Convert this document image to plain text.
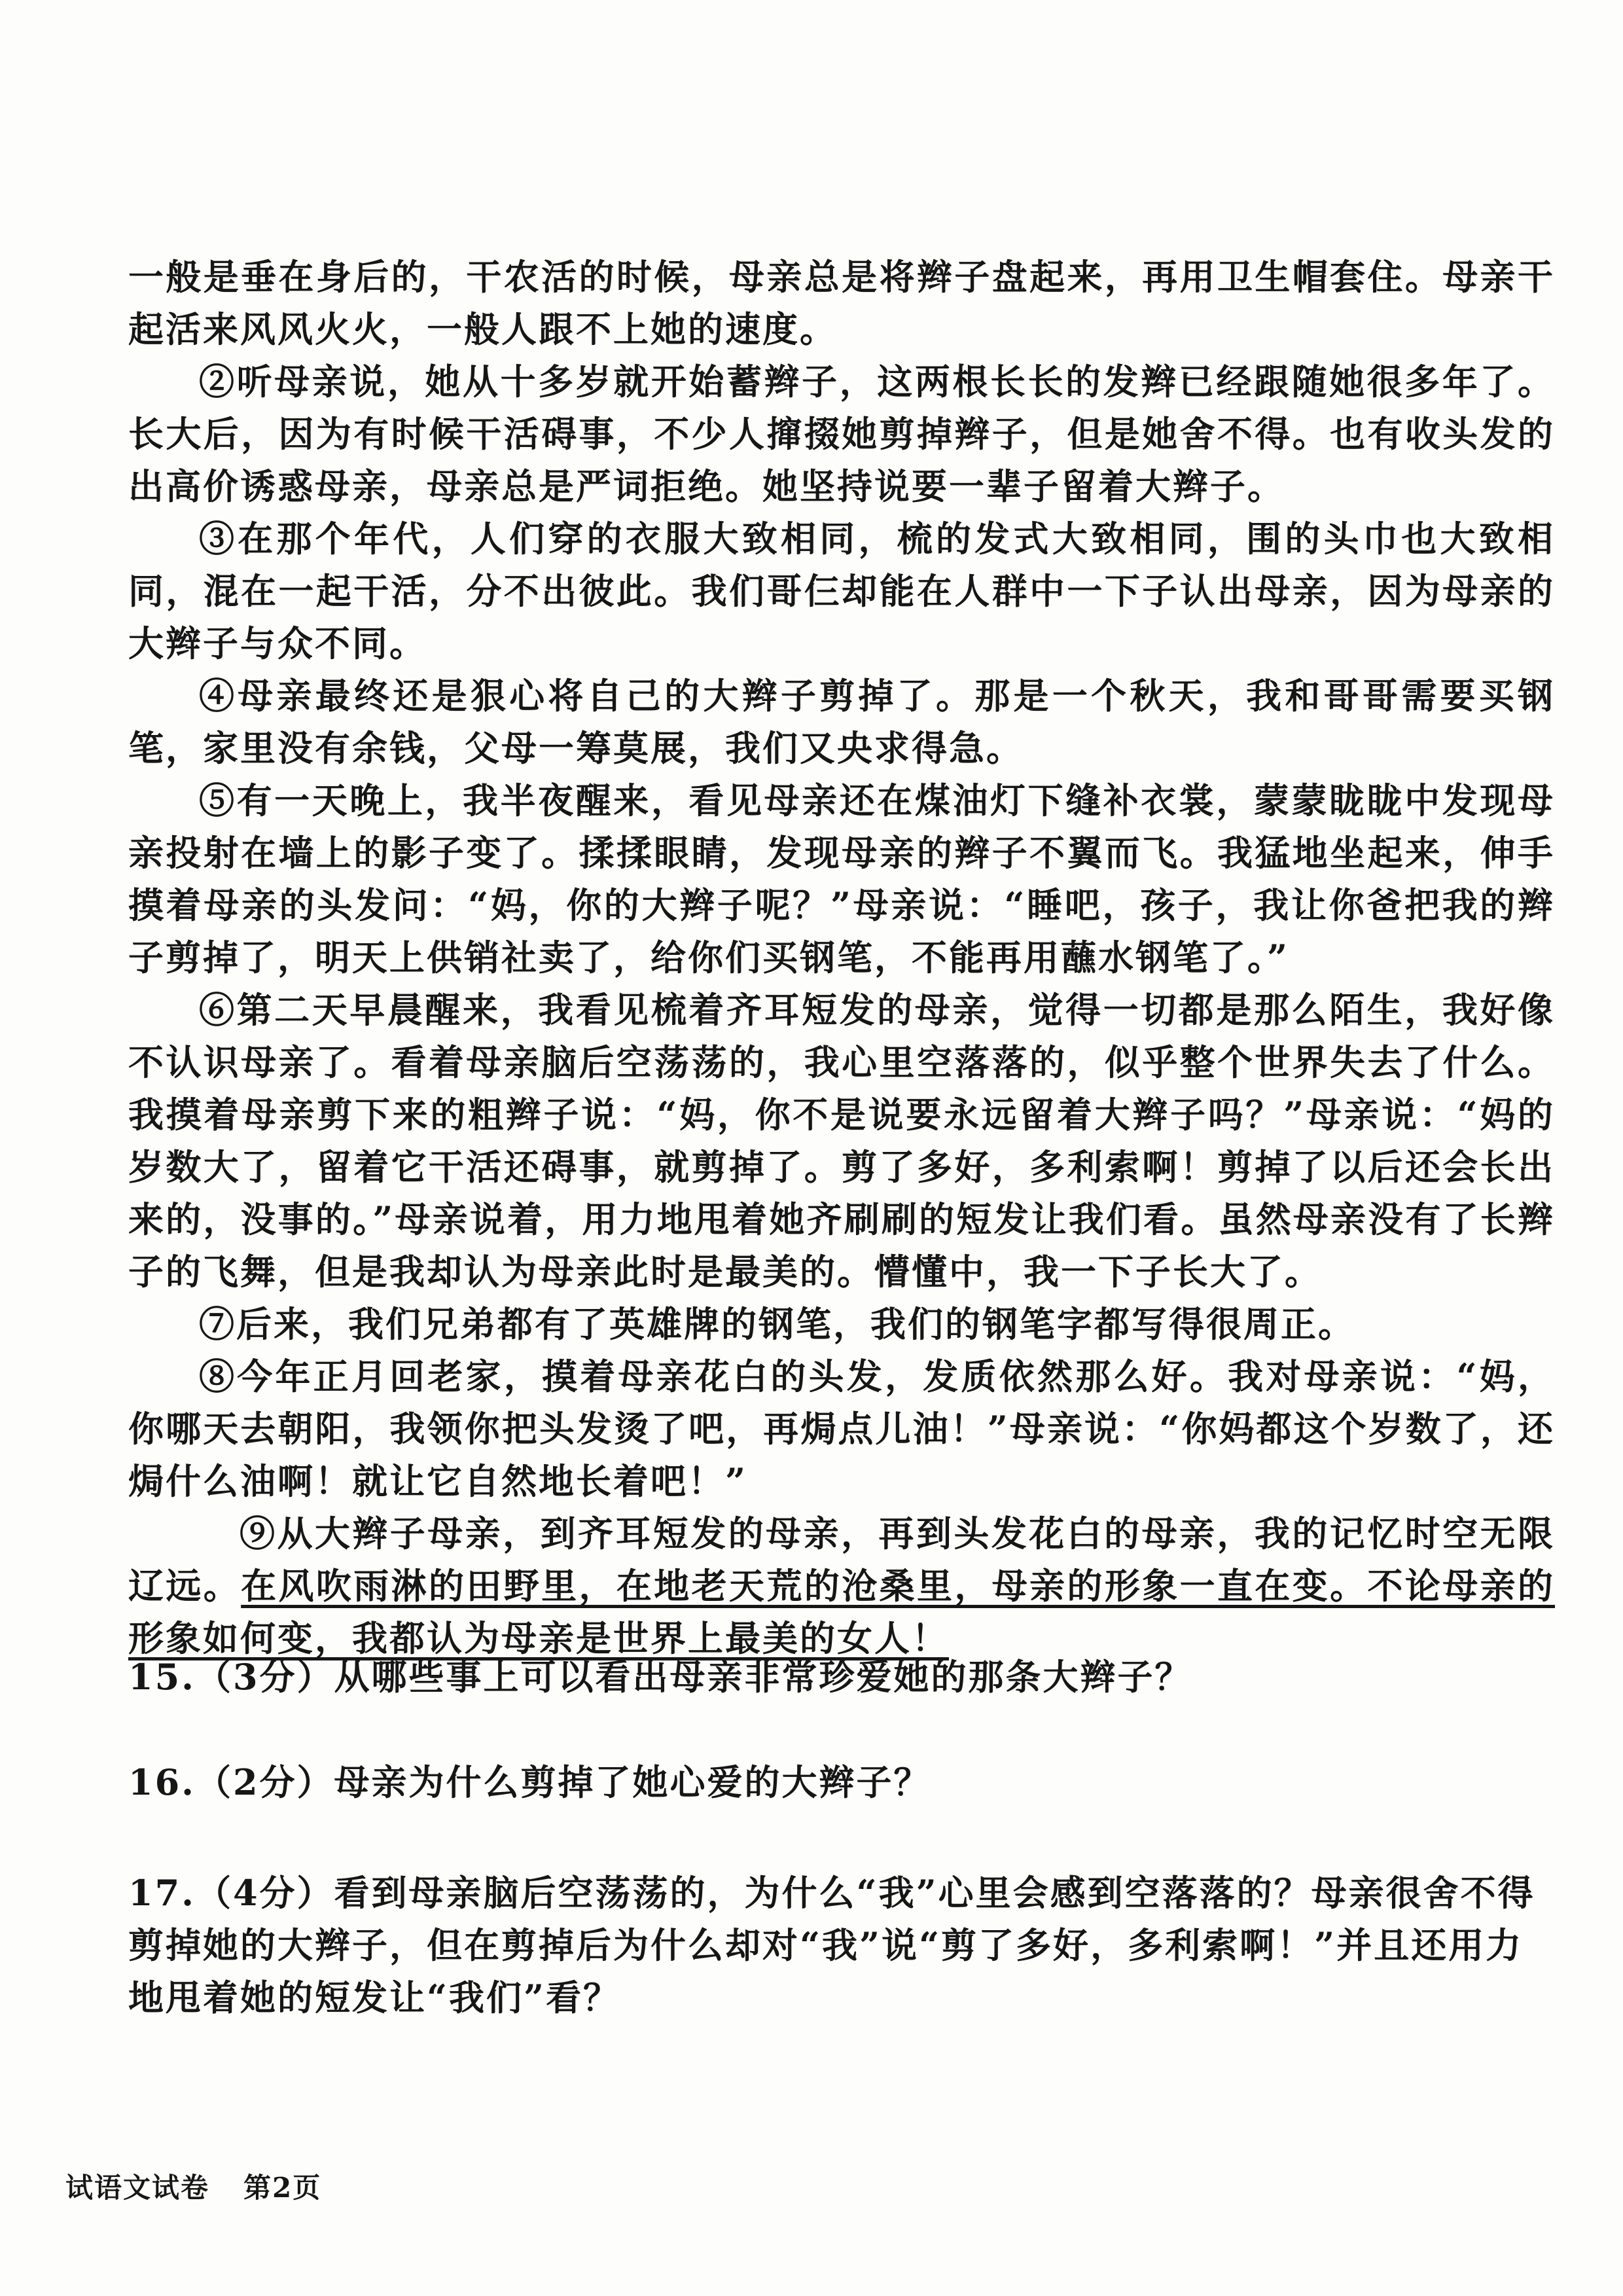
一般是垂在身后的，干农活的时候，母亲总是将辫子盘起来，再用卫生帽套住。母亲干起活来风风火火，一般人跟不上她的速度。

②听母亲说，她从十多岁就开始蓄辫子，这两根长长的发辫已经跟随她很多年了。长大后，因为有时候干活碍事，不少人撺掇她剪掉辫子，但是她舍不得。也有收头发的出高价诱惑母亲，母亲总是严词拒绝。她坚持说要一辈子留着大辫子。

③在那个年代，人们穿的衣服大致相同，梳的发式大致相同，围的头巾也大致相同，混在一起干活，分不出彼此。我们哥仨却能在人群中一下子认出母亲，因为母亲的大辫子与众不同。

④母亲最终还是狠心将自己的大辫子剪掉了。那是一个秋天，我和哥哥需要买钢笔，家里没有余钱，父母一筹莫展，我们又央求得急。

⑤有一天晚上，我半夜醒来，看见母亲还在煤油灯下缝补衣裳，蒙蒙眬眬中发现母亲投射在墙上的影子变了。揉揉眼睛，发现母亲的辫子不翼而飞。我猛地坐起来，伸手摸着母亲的头发问：“妈，你的大辫子呢？”母亲说：“睡吧，孩子，我让你爸把我的辫子剪掉了，明天上供销社卖了，给你们买钢笔，不能再用蘸水钢笔了。”

⑥第二天早晨醒来，我看见梳着齐耳短发的母亲，觉得一切都是那么陌生，我好像不认识母亲了。看着母亲脑后空荡荡的，我心里空落落的，似乎整个世界失去了什么。我摸着母亲剪下来的粗辫子说：“妈，你不是说要永远留着大辫子吗？”母亲说：“妈的岁数大了，留着它干活还碍事，就剪掉了。剪了多好，多利索啊！剪掉了以后还会长出来的，没事的。”母亲说着，用力地甩着她齐刷刷的短发让我们看。虽然母亲没有了长辫子的飞舞，但是我却认为母亲此时是最美的。懵懂中，我一下子长大了。

⑦后来，我们兄弟都有了英雄牌的钢笔，我们的钢笔字都写得很周正。

⑧今年正月回老家，摸着母亲花白的头发，发质依然那么好。我对母亲说：“妈，你哪天去朝阳，我领你把头发烫了吧，再焗点儿油！”母亲说：“你妈都这个岁数了，还焗什么油啊！就让它自然地长着吧！”

⑨从大辫子母亲，到齐耳短发的母亲，再到头发花白的母亲，我的记忆时空无限辽远。在风吹雨淋的田野里，在地老天荒的沧桑里，母亲的形象一直在变。不论母亲的形象如何变，我都认为母亲是世界上最美的女人！

15.（3分）从哪些事上可以看出母亲非常珍爱她的那条大辫子？

16.（2分）母亲为什么剪掉了她心爱的大辫子？

17.（4分）看到母亲脑后空荡荡的，为什么“我”心里会感到空落落的？母亲很舍不得剪掉她的大辫子，但在剪掉后为什么却对“我”说“剪了多好，多利索啊！”并且还用力地甩着她的短发让“我们”看？

试语文试卷 第2页
